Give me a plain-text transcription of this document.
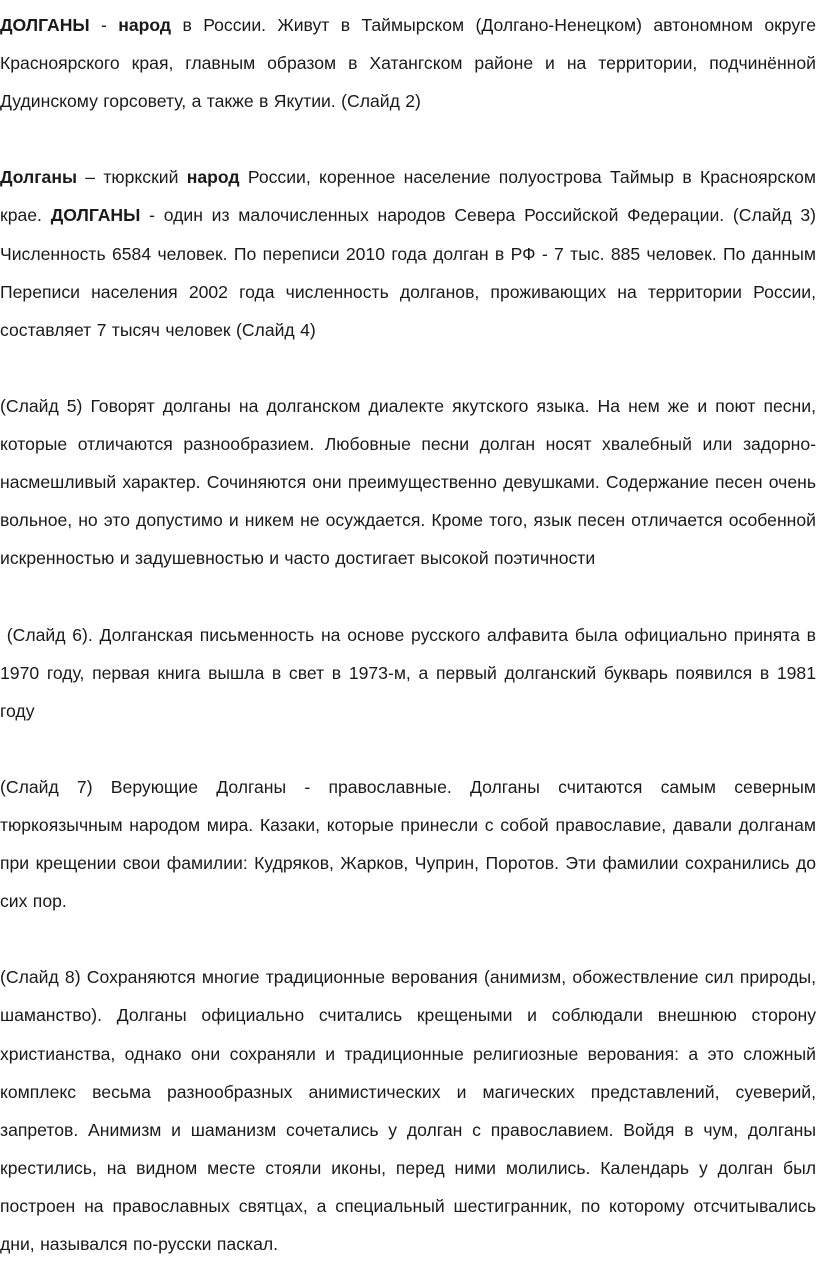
ДОЛГАНЫ - народ в России. Живут в Таймырском (Долгано-Ненецком) автономном округе Красноярского края, главным образом в Хатангском районе и на территории, подчинённой Дудинскому горсовету, а также в Якутии. (Слайд 2)

Долганы – тюркский народ России, коренное население полуострова Таймыр в Красноярском крае. ДОЛГАНЫ - один из малочисленных народов Севера Российской Федерации. (Слайд 3) Численность 6584 человек. По переписи 2010 года долган в РФ - 7 тыс. 885 человек. По данным Переписи населения 2002 года численность долганов, проживающих на территории России, составляет 7 тысяч человек (Слайд 4)

(Слайд 5) Говорят долганы на долганском диалекте якутского языка. На нем же и поют песни, которые отличаются разнообразием. Любовные песни долган носят хвалебный или задорно-насмешливый характер. Сочиняются они преимущественно девушками. Содержание песен очень вольное, но это допустимо и никем не осуждается. Кроме того, язык песен отличается особенной искренностью и задушевностью и часто достигает высокой поэтичности

(Слайд 6). Долганская письменность на основе русского алфавита была официально принята в 1970 году, первая книга вышла в свет в 1973-м, а первый долганский букварь появился в 1981 году

(Слайд 7) Верующие Долганы - православные. Долганы считаются самым северным тюркоязычным народом мира. Казаки, которые принесли с собой православие, давали долганам при крещении свои фамилии: Кудряков, Жарков, Чуприн, Поротов. Эти фамилии сохранились до сих пор.

(Слайд 8) Сохраняются многие традиционные верования (анимизм, обожествление сил природы, шаманство). Долганы официально считались крещеными и соблюдали внешнюю сторону христианства, однако они сохраняли и традиционные религиозные верования: а это сложный комплекс весьма разнообразных анимистических и магических представлений, суеверий, запретов. Анимизм и шаманизм сочетались у долган с православием. Войдя в чум, долганы крестились, на видном месте стояли иконы, перед ними молились. Календарь у долган был построен на православных святцах, а специальный шестигранник, по которому отсчитывались дни, назывался по-русски паскал.
